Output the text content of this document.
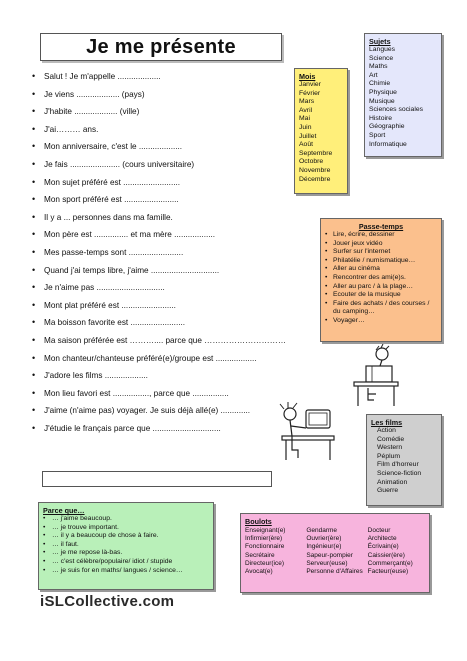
Je me présente
• Salut ! Je m'appelle ...................
• Je viens ................... (pays)
• J'habite ................... (ville)
• J'ai……… ans.
• Mon anniversaire, c'est le ...................
• Je fais ...................... (cours universitaire)
• Mon sujet préféré est .........................
• Mon sport préféré est ........................
• Il y a ... personnes dans ma famille.
• Mon père est ............... et ma mère ..................
• Mes passe-temps sont ........................
• Quand j'ai temps libre, j'aime ..............................
• Je n'aime pas ..............................
• Mont plat préféré est ........................
• Ma boisson favorite est ........................
• Ma saison préférée est ……….... parce que …………………………
• Mon chanteur/chanteuse préféré(e)/groupe est ..................
• J'adore les films ...................
• Mon lieu favori est ................, parce que ................
• J'aime (n'aime pas) voyager. Je suis déjà allé(e) .............
• J'étudie le français parce que ..............................
Mois
Janvier
Février
Mars
Avril
Mai
Juin
Juillet
Août
Septembre
Octobre
Novembre
Décembre
Sujets
Langues
Science
Maths
Art
Chimie
Physique
Musique
Sciences sociales
Histoire
Géographie
Sport
Informatique
Passe-temps
• Lire, écrire, dessiner
• Jouer jeux vidéo
• Surfer sur l'internet
• Philatélie / numismatique…
• Aller au cinéma
• Rencontrer des ami(e)s.
• Aller au parc / à la plage…
• Ecouter de la musique
• Faire des achats / des courses / du camping…
• Voyager…
Les films
Action
Comédie
Western
Péplum
Film d'horreur
Science-fiction
Animation
Guerre
Parce que…
• … j'aime beaucoup.
• … je trouve important.
• … il y a beaucoup de chose à faire.
• … il faut.
• … je me repose là-bas.
• … c'est célèbre/populaire/ idiot / stupide
• … je suis for en maths/ langues / science…
Boulots
Enseignant(e)
Infirmier(ère)
Fonctionnaire
Secrétaire
Directeur(ice)
Avocat(e)
Gendarme
Ouvrier(ère)
Ingénieur(e)
Sapeur-pompier
Serveur(euse)
Personne d'Affaires
Docteur
Architecte
Écrivain(e)
Caissier(ère)
Commerçant(e)
Facteur(euse)
iSLCollective.com
